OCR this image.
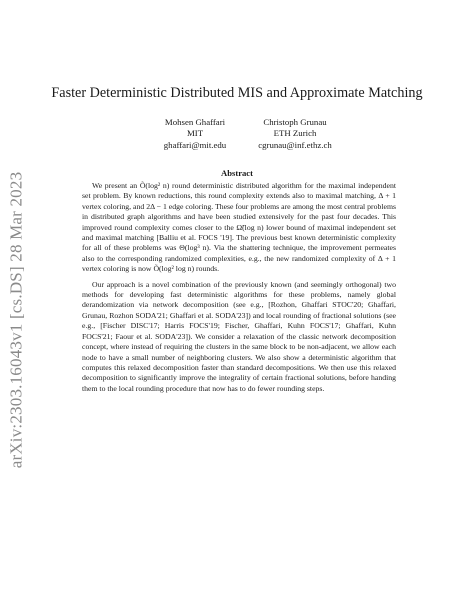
arXiv:2303.16043v1 [cs.DS] 28 Mar 2023
Faster Deterministic Distributed MIS and Approximate Matching
Mohsen Ghaffari
MIT
ghaffari@mit.edu
Christoph Grunau
ETH Zurich
cgrunau@inf.ethz.ch
Abstract

We present an Õ(log² n) round deterministic distributed algorithm for the maximal independent set problem. By known reductions, this round complexity extends also to maximal matching, Δ + 1 vertex coloring, and 2Δ − 1 edge coloring. These four problems are among the most central problems in distributed graph algorithms and have been studied extensively for the past four decades. This improved round complexity comes closer to the Ω̃(log n) lower bound of maximal independent set and maximal matching [Balliu et al. FOCS '19]. The previous best known deterministic complexity for all of these problems was Θ(log³ n). Via the shattering technique, the improvement permeates also to the corresponding randomized complexities, e.g., the new randomized complexity of Δ + 1 vertex coloring is now Õ(log² log n) rounds.

Our approach is a novel combination of the previously known (and seemingly orthogonal) two methods for developing fast deterministic algorithms for these problems, namely global derandomization via network decomposition (see e.g., [Rozhon, Ghaffari STOC'20; Ghaffari, Grunau, Rozhon SODA'21; Ghaffari et al. SODA'23]) and local rounding of fractional solutions (see e.g., [Fischer DISC'17; Harris FOCS'19; Fischer, Ghaffari, Kuhn FOCS'17; Ghaffari, Kuhn FOCS'21; Faour et al. SODA'23]). We consider a relaxation of the classic network decomposition concept, where instead of requiring the clusters in the same block to be non-adjacent, we allow each node to have a small number of neighboring clusters. We also show a deterministic algorithm that computes this relaxed decomposition faster than standard decompositions. We then use this relaxed decomposition to significantly improve the integrality of certain fractional solutions, before handing them to the local rounding procedure that now has to do fewer rounding steps.
